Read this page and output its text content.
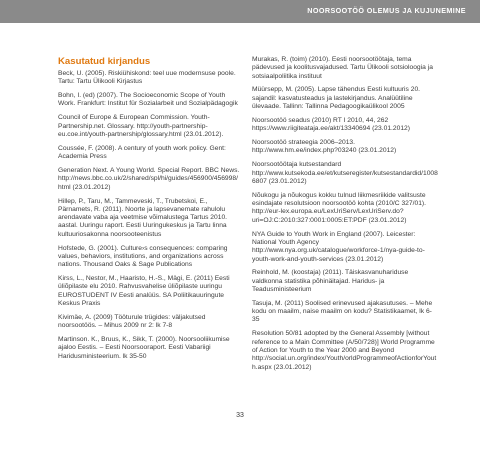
NOORSOOTÖÖ OLEMUS JA KUJUNEMINE
Kasutatud kirjandus

Beck, U. (2005). Riskiühiskond: teel uue modernsuse poole. Tartu: Tartu Ülikooli Kirjastus

Bohn, I. (ed) (2007). The Socioeconomic Scope of Youth Work. Frankfurt: Institut für Sozialarbeit und Sozialpädagogik

Council of Europe & European Commission. Youth-Partnership.net. Glossary. http://youth-partnership-eu.coe.int/youth-partnership/glossary.html (23.01.2012).

Coussée, F. (2008). A century of youth work policy. Gent: Academia Press

Generation Next. A Young World. Special Report. BBC News. http://news.bbc.co.uk/2/shared/spl/hi/guides/456900/456998/html (23.01.2012)

Hillep, P., Taru, M., Tammeveski, T., Trubetskoi, E., Pärnamets, R. (2011). Noorte ja lapsevanemate rahulolu arendavate vaba aja veetmise võimalustega Tartus 2010. aastal. Uuringu raport. Eesti Uuringukeskus ja Tartu linna kultuuriosakonna noorsooteenistus

Hofstede, G. (2001). Culture›s consequences: comparing values, behaviors, institutions, and organizations across nations. Thousand Oaks & Sage Publications

Kirss, L., Nestor, M., Haaristo, H.-S., Mägi, E. (2011) Eesti üliõpilaste elu 2010. Rahvusvahelise üliõpilaste uuringu EUROSTUDENT IV Eesti analüüs. SA Poliitikauuringute Keskus Praxis

Kivimäe, A. (2009) Tööturule trügides: väljakutsed noorsootöös. – Mihus 2009 nr 2: lk 7-8

Martinson. K., Bruus, K., Sikk, T. (2000). Noorsooliikumise ajaloo Eestis. – Eesti Noorsooraport. Eesti Vabariigi Haridusministeerium. lk 35-50

Murakas, R. (toim) (2010). Eesti noorsootöötaja, tema pädevused ja koolitusvajadused. Tartu Ülikooli sotsioloogia ja sotsiaalpoliitika instituut

Müürsepp, M. (2005). Lapse tähendus Eesti kultuuris 20. sajandil: kasvatusteadus ja lastekirjandus. Analüütiline ülevaade. Tallinn: Tallinna Pedagoogikaülikool 2005

Noorsootöö seadus (2010) RT I 2010, 44, 262 https://www.riigiteataja.ee/akt/13340694 (23.01.2012)

Noorsootöö strateegia 2006–2013. http://www.hm.ee/index.php?03240 (23.01.2012)

Noorsootöötaja kutsestandard http://www.kutsekoda.ee/et/kutseregister/kutsestandardid/10086807 (23.01.2012)

Nõukogu ja nõukogus kokku tulnud liikmesriikide valitsuste esindajate resolutsioon noorsootöö kohta (2010/C 327/01). http://eur-lex.europa.eu/LexUriServ/LexUriServ.do?uri=OJ:C:2010:327:0001:0005:ET:PDF (23.01.2012)

NYA Guide to Youth Work in England (2007). Leicester: National Youth Agency http://www.nya.org.uk/catalogue/workforce-1/nya-guide-to-youth-work-and-youth-services (23.01.2012)

Reinhold, M. (koostaja) (2011). Täiskasvanuhariduse valdkonna statistika põhinäitajad. Haridus- ja Teadusministeerium

Tasuja, M. (2011) Soolised erinevused ajakasutuses. – Mehe kodu on maailm, naise maailm on kodu? Statistikaamet, lk 6-35

Resolution 50/81 adopted by the General Assembly [without reference to a Main Committee (A/50/728)] World Programme of Action for Youth to the Year 2000 and Beyond http://social.un.org/index/Youth/orldProgrammeofActionforYouth.aspx (23.01.2012)

33
